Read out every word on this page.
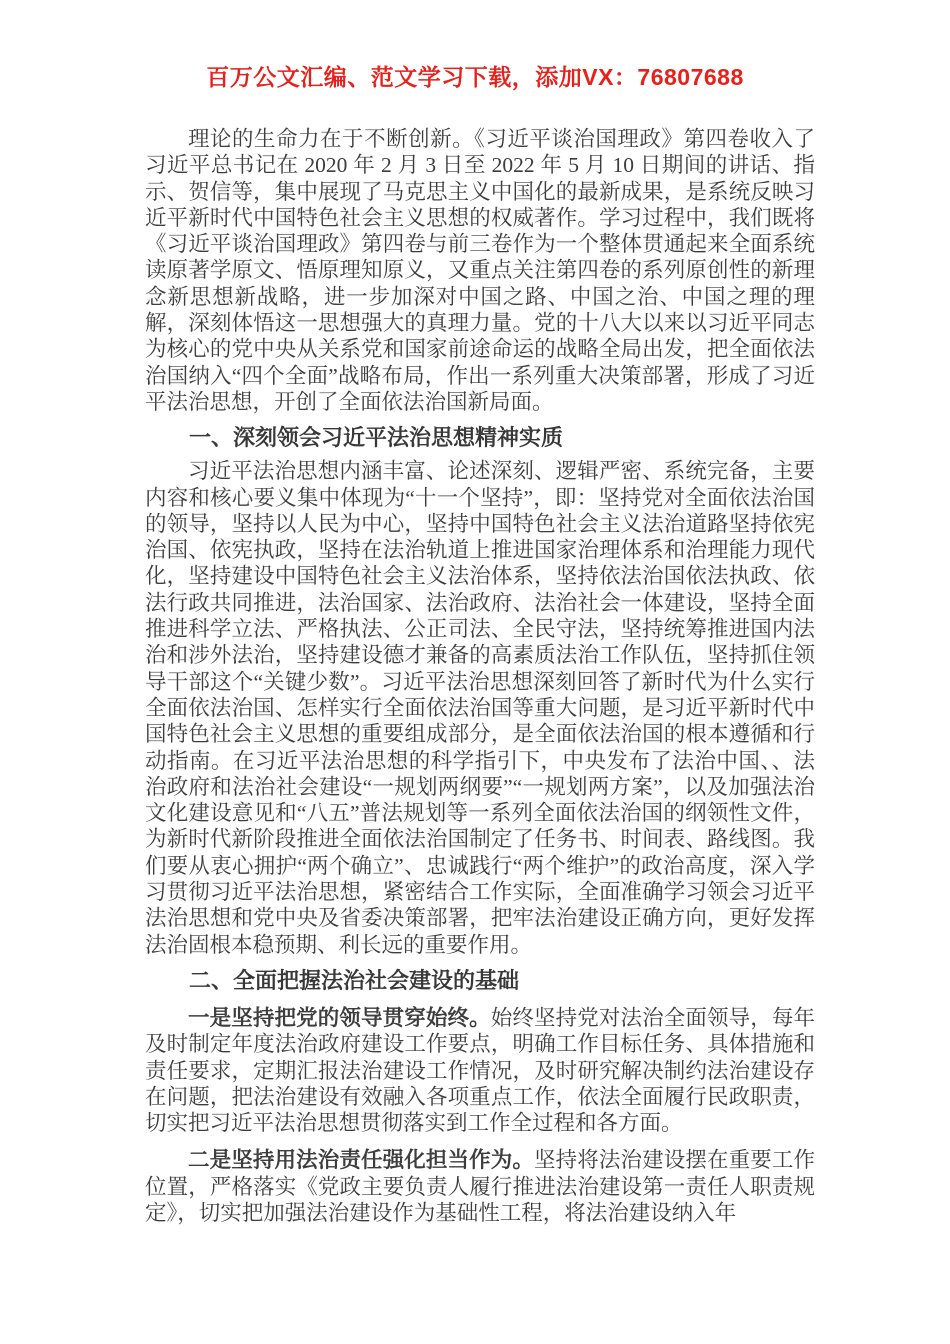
百万公文汇编、范文学习下载，添加VX：76807688

理论的生命力在于不断创新。《习近平谈治国理政》第四卷收入了习近平总书记在 2020 年 2 月 3 日至 2022 年 5 月 10 日期间的讲话、指示、贺信等，集中展现了马克思主义中国化的最新成果，是系统反映习近平新时代中国特色社会主义思想的权威著作。学习过程中，我们既将《习近平谈治国理政》第四卷与前三卷作为一个整体贯通起来全面系统读原著学原文、悟原理知原义，又重点关注第四卷的系列原创性的新理念新思想新战略，进一步加深对中国之路、中国之治、中国之理的理解，深刻体悟这一思想强大的真理力量。党的十八大以来以习近平同志为核心的党中央从关系党和国家前途命运的战略全局出发，把全面依法治国纳入“四个全面”战略布局，作出一系列重大决策部署，形成了习近平法治思想，开创了全面依法治国新局面。

一、深刻领会习近平法治思想精神实质

习近平法治思想内涵丰富、论述深刻、逻辑严密、系统完备，主要内容和核心要义集中体现为“十一个坚持”，即：坚持党对全面依法治国的领导，坚持以人民为中心，坚持中国特色社会主义法治道路坚持依宪治国、依宪执政，坚持在法治轨道上推进国家治理体系和治理能力现代化，坚持建设中国特色社会主义法治体系，坚持依法治国依法执政、依法行政共同推进，法治国家、法治政府、法治社会一体建设，坚持全面推进科学立法、严格执法、公正司法、全民守法，坚持统筹推进国内法治和涉外法治，坚持建设德才兼备的高素质法治工作队伍，坚持抓住领导干部这个“关键少数”。习近平法治思想深刻回答了新时代为什么实行全面依法治国、怎样实行全面依法治国等重大问题，是习近平新时代中国特色社会主义思想的重要组成部分，是全面依法治国的根本遵循和行动指南。在习近平法治思想的科学指引下，中央发布了法治中国、、法治政府和法治社会建设“一规划两纲要”“一规划两方案”，以及加强法治文化建设意见和“八五”普法规划等一系列全面依法治国的纲领性文件，为新时代新阶段推进全面依法治国制定了任务书、时间表、路线图。我们要从衷心拥护“两个确立”、忠诚践行“两个维护”的政治高度，深入学习贯彻习近平法治思想，紧密结合工作实际，全面准确学习领会习近平法治思想和党中央及省委决策部署，把牢法治建设正确方向，更好发挥法治固根本稳预期、利长远的重要作用。

二、全面把握法治社会建设的基础

一是坚持把党的领导贯穿始终。始终坚持党对法治全面领导，每年及时制定年度法治政府建设工作要点，明确工作目标任务、具体措施和责任要求，定期汇报法治建设工作情况，及时研究解决制约法治建设存在问题，把法治建设有效融入各项重点工作，依法全面履行民政职责，切实把习近平法治思想贯彻落实到工作全过程和各方面。

二是坚持用法治责任强化担当作为。坚持将法治建设摆在重要工作位置，严格落实《党政主要负责人履行推进法治建设第一责任人职责规定》，切实把加强法治建设作为基础性工程，将法治建设纳入年
